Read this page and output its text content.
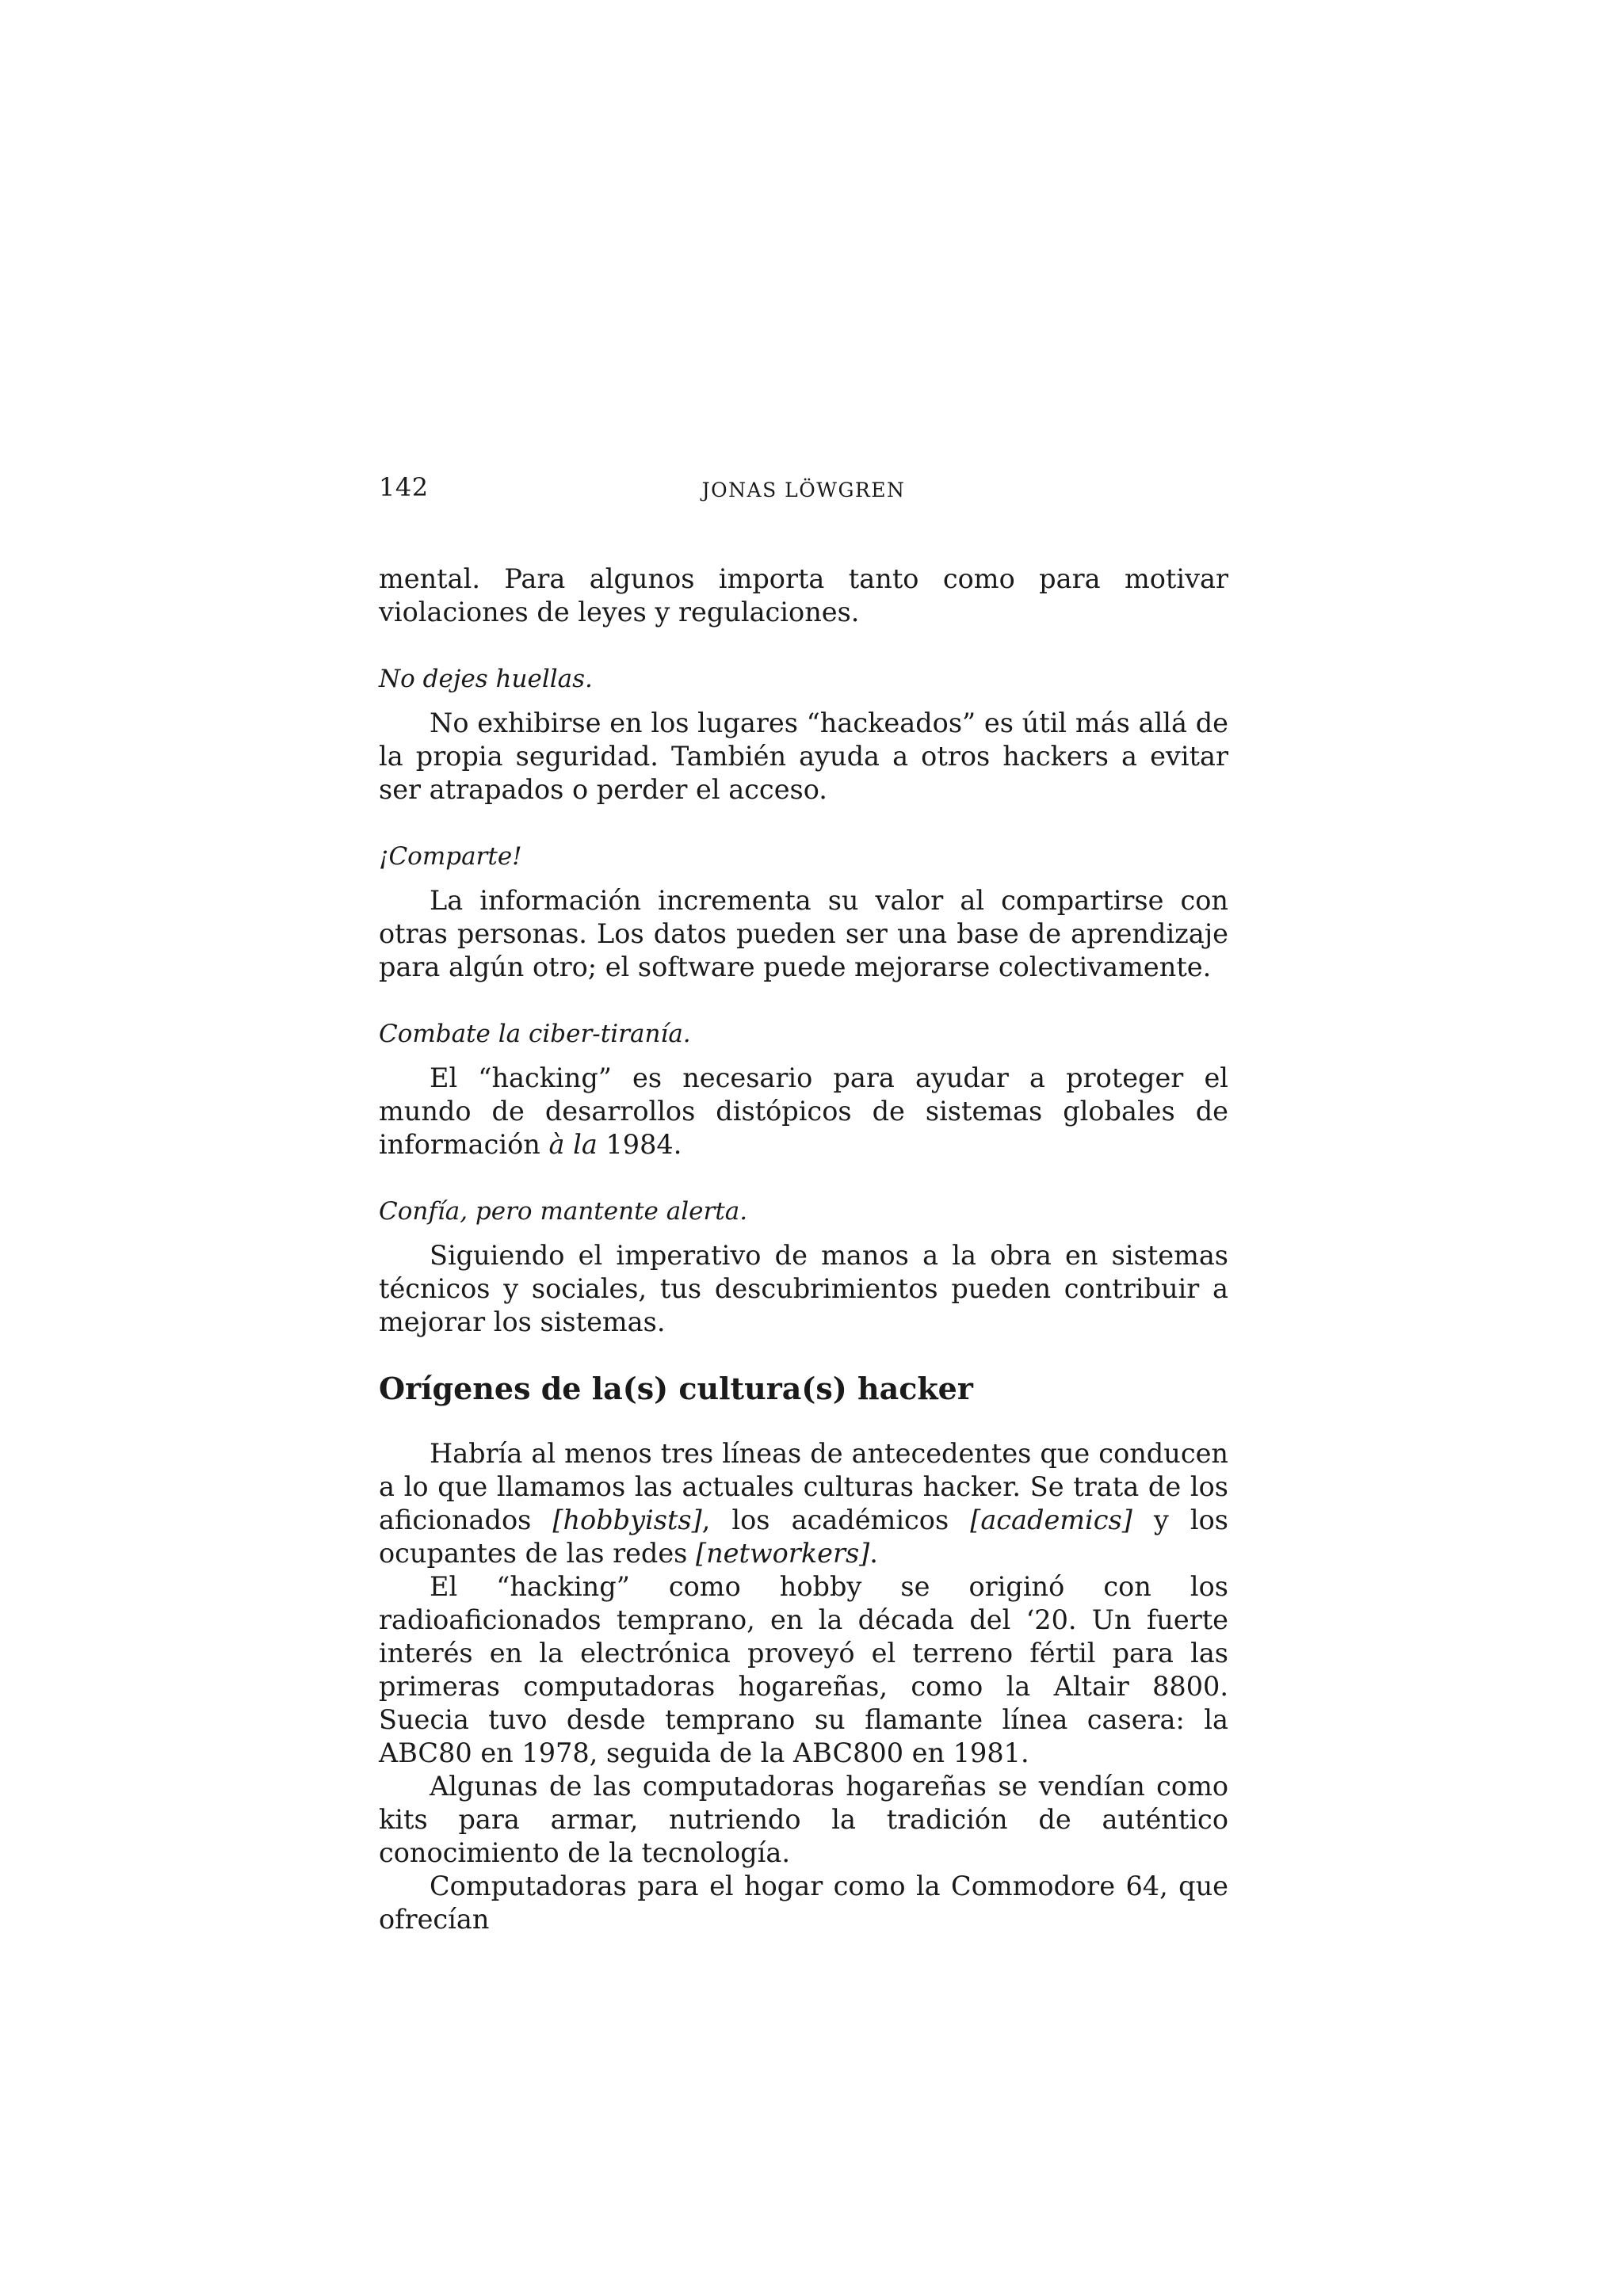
142	JONAS LÖWGREN

mental. Para algunos importa tanto como para motivar violaciones de leyes y regulaciones.

No dejes huellas.

No exhibirse en los lugares “hackeados” es útil más allá de la propia seguridad. También ayuda a otros hackers a evitar ser atrapados o perder el acceso.

¡Comparte!

La información incrementa su valor al compartirse con otras personas. Los datos pueden ser una base de aprendizaje para algún otro; el software puede mejorarse colectivamente.

Combate la ciber-tiranía.

El “hacking” es necesario para ayudar a proteger el mundo de desarrollos distópicos de sistemas globales de información à la 1984.

Confía, pero mantente alerta.

Siguiendo el imperativo de manos a la obra en sistemas técnicos y sociales, tus descubrimientos pueden contribuir a mejorar los sistemas.

Orígenes de la(s) cultura(s) hacker

Habría al menos tres líneas de antecedentes que conducen a lo que llamamos las actuales culturas hacker. Se trata de los aficionados [hobbyists], los académicos [academics] y los ocupantes de las redes [networkers].

El “hacking” como hobby se originó con los radioaficionados temprano, en la década del ‘20. Un fuerte interés en la electrónica proveyó el terreno fértil para las primeras computadoras hogareñas, como la Altair 8800. Suecia tuvo desde temprano su flamante línea casera: la ABC80 en 1978, seguida de la ABC800 en 1981.

Algunas de las computadoras hogareñas se vendían como kits para armar, nutriendo la tradición de auténtico conocimiento de la tecnología.

Computadoras para el hogar como la Commodore 64, que ofrecían
